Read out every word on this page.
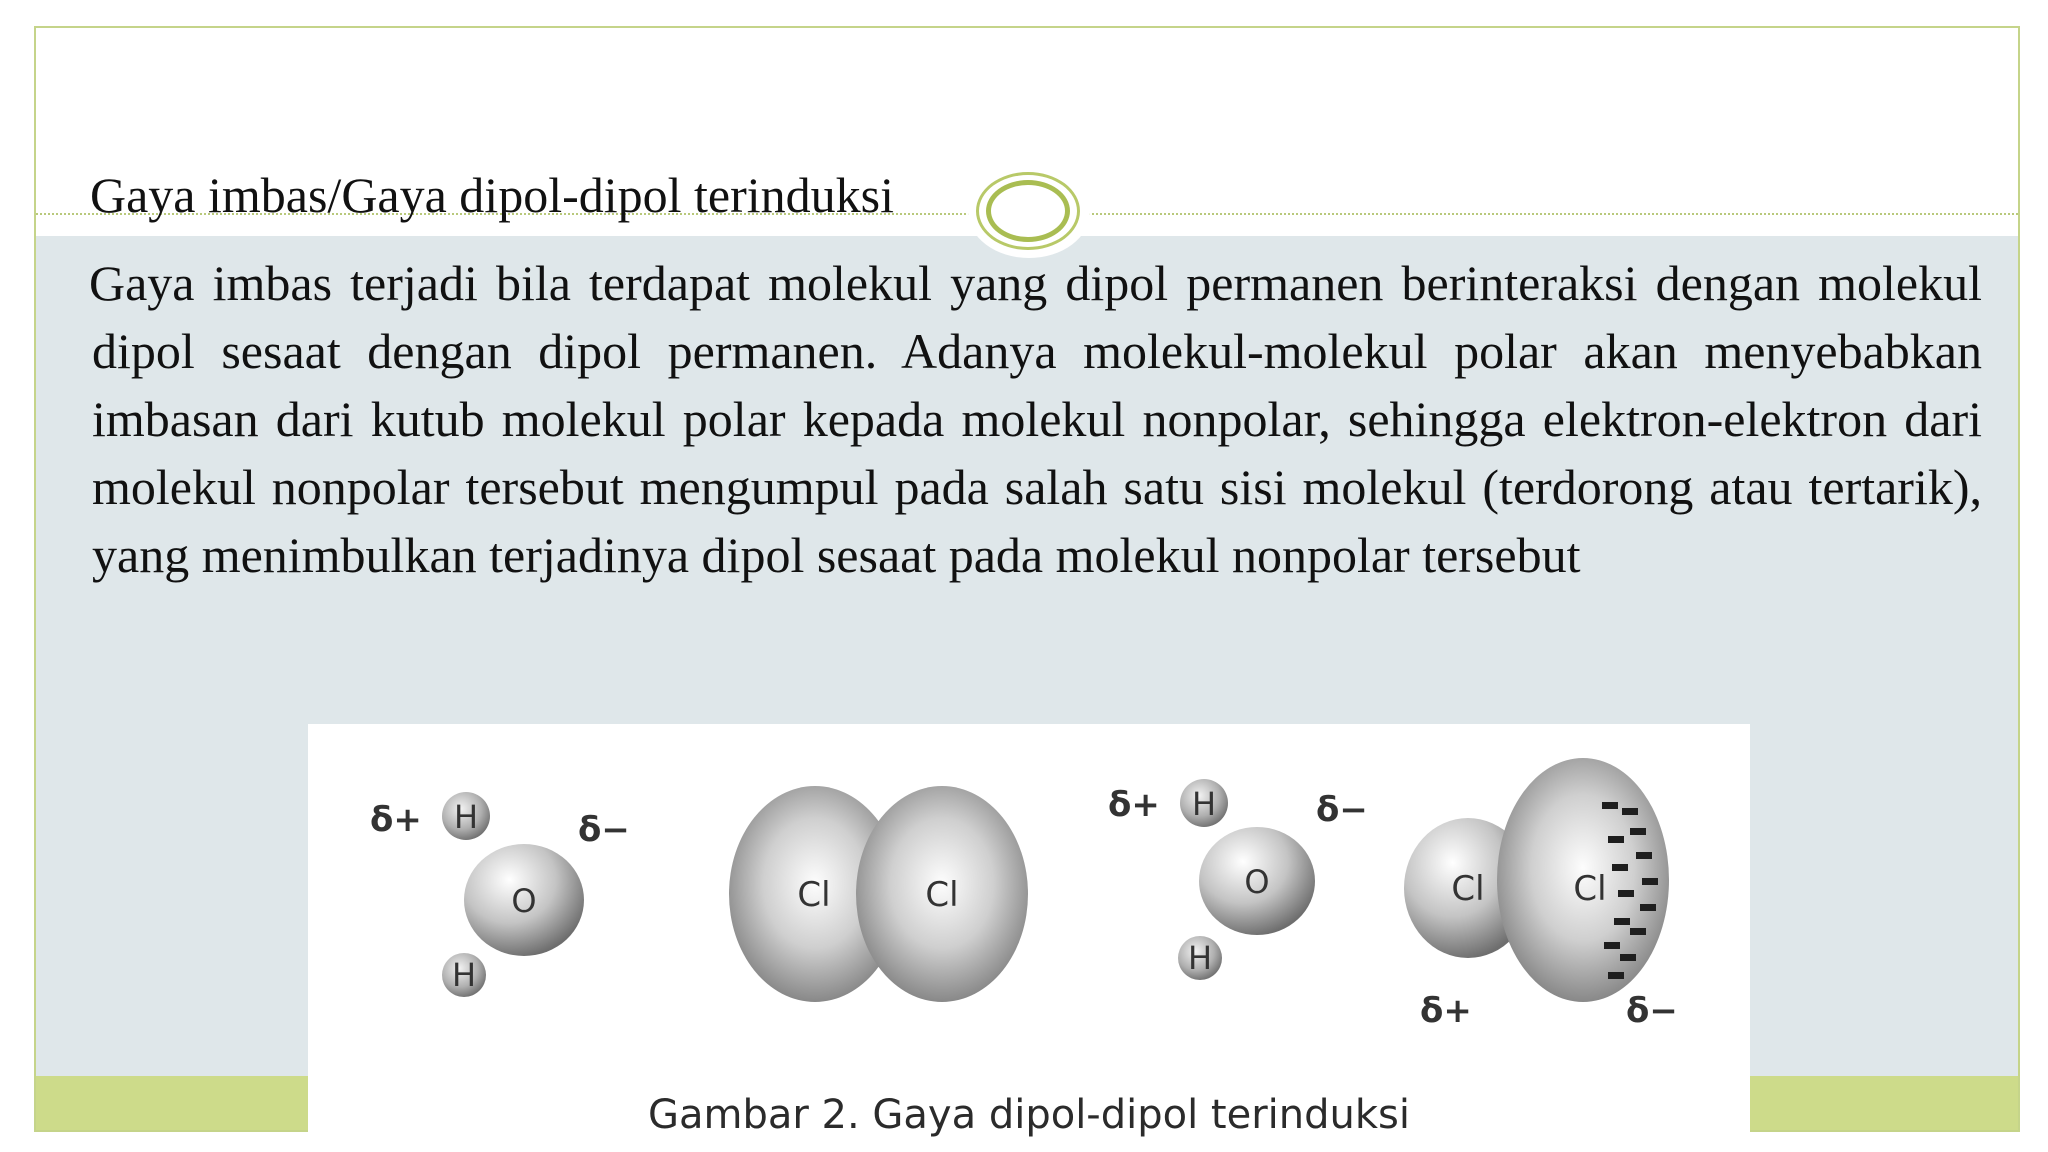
Gaya imbas/Gaya dipol-dipol terinduksi
Gaya imbas terjadi bila terdapat molekul yang dipol permanen berinteraksi dengan molekul dipol sesaat dengan dipol permanen. Adanya molekul-molekul polar akan menyebabkan imbasan dari kutub molekul polar kepada molekul nonpolar, sehingga elektron-elektron dari molekul nonpolar tersebut mengumpul pada salah satu sisi molekul (terdorong atau tertarik), yang menimbulkan terjadinya dipol sesaat pada molekul nonpolar tersebut
δ+	δ−
H
H
O	Cl	Cl
δ+	δ−
H
H
O	Cl	Cl
δ+	δ−
Gambar 2. Gaya dipol-dipol terinduksi
